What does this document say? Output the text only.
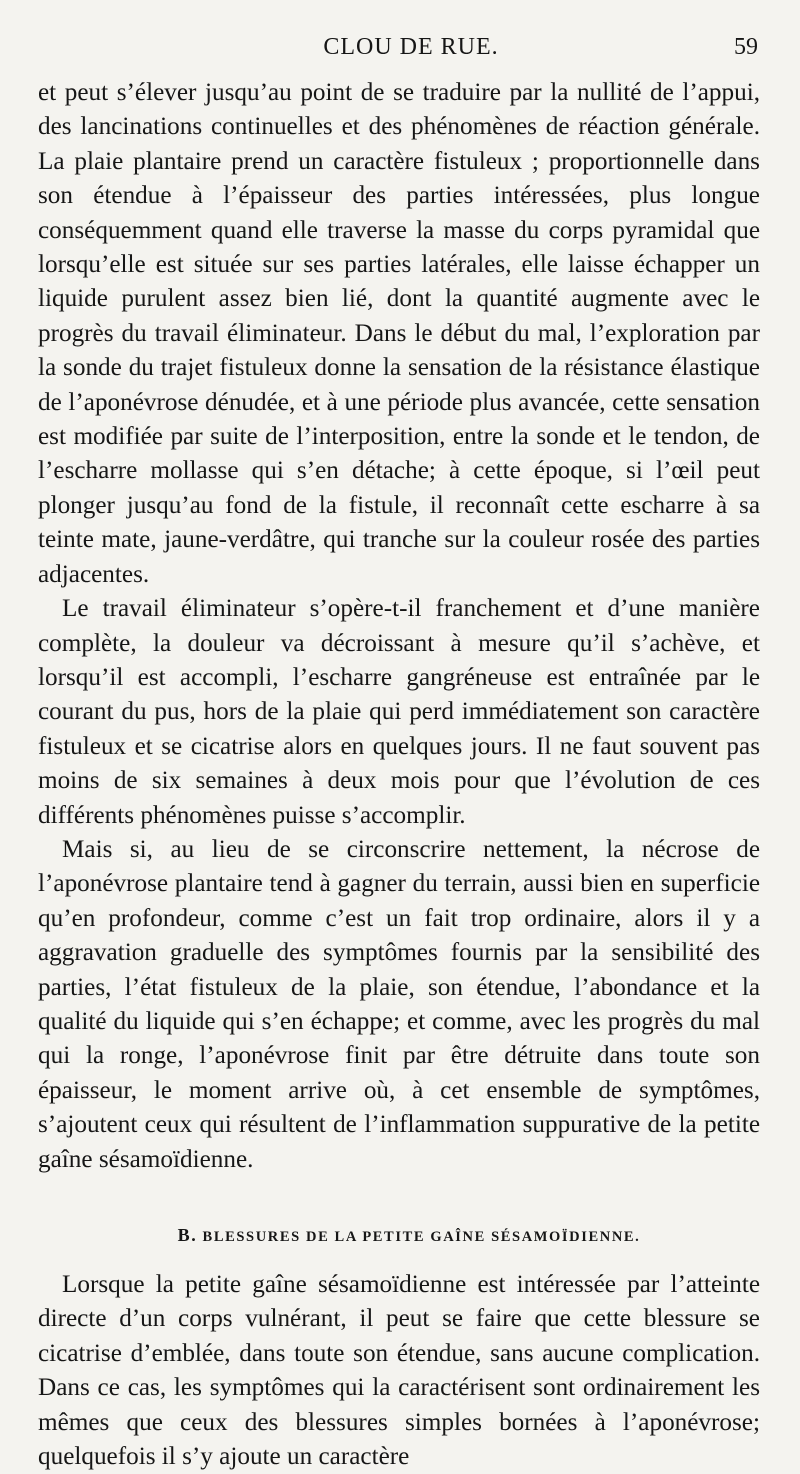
CLOU DE RUE.	59

et peut s’élever jusqu’au point de se traduire par la nullité de l’appui, des lancinations continuelles et des phénomènes de réaction générale. La plaie plantaire prend un caractère fistuleux ; proportionnelle dans son étendue à l’épaisseur des parties intéressées, plus longue conséquemment quand elle traverse la masse du corps pyramidal que lorsqu’elle est située sur ses parties latérales, elle laisse échapper un liquide purulent assez bien lié, dont la quantité augmente avec le progrès du travail éliminateur. Dans le début du mal, l’exploration par la sonde du trajet fistuleux donne la sensation de la résistance élastique de l’aponévrose dénudée, et à une période plus avancée, cette sensation est modifiée par suite de l’interposition, entre la sonde et le tendon, de l’escharre mollasse qui s’en détache; à cette époque, si l’œil peut plonger jusqu’au fond de la fistule, il reconnaît cette escharre à sa teinte mate, jaune-verdâtre, qui tranche sur la couleur rosée des parties adjacentes.

Le travail éliminateur s’opère-t-il franchement et d’une manière complète, la douleur va décroissant à mesure qu’il s’achève, et lorsqu’il est accompli, l’escharre gangréneuse est entraînée par le courant du pus, hors de la plaie qui perd immédiatement son caractère fistuleux et se cicatrise alors en quelques jours. Il ne faut souvent pas moins de six semaines à deux mois pour que l’évolution de ces différents phénomènes puisse s’accomplir.

Mais si, au lieu de se circonscrire nettement, la nécrose de l’aponévrose plantaire tend à gagner du terrain, aussi bien en superficie qu’en profondeur, comme c’est un fait trop ordinaire, alors il y a aggravation graduelle des symptômes fournis par la sensibilité des parties, l’état fistuleux de la plaie, son étendue, l’abondance et la qualité du liquide qui s’en échappe; et comme, avec les progrès du mal qui la ronge, l’aponévrose finit par être détruite dans toute son épaisseur, le moment arrive où, à cet ensemble de symptômes, s’ajoutent ceux qui résultent de l’inflammation suppurative de la petite gaîne sésamoïdienne.

B. BLESSURES DE LA PETITE GAÎNE SÉSAMOÏDIENNE.

Lorsque la petite gaîne sésamoïdienne est intéressée par l’atteinte directe d’un corps vulnérant, il peut se faire que cette blessure se cicatrise d’emblée, dans toute son étendue, sans aucune complication. Dans ce cas, les symptômes qui la caractérisent sont ordinairement les mêmes que ceux des blessures simples bornées à l’aponévrose; quelquefois il s’y ajoute un caractère
